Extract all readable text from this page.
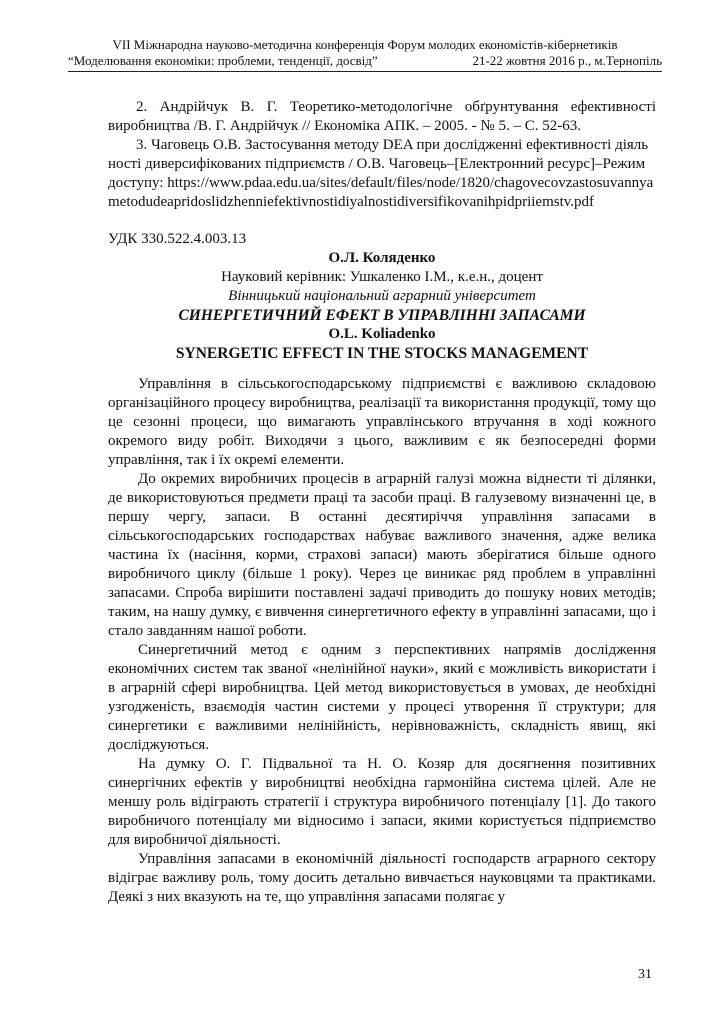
VII Міжнародна науково-методична конференція Форум молодих економістів-кібернетиків
“Моделювання економіки: проблеми, тенденції, досвід”	21-22 жовтня 2016 р., м.Тернопіль

2. Андрійчук В. Г. Теоретико-методологічне обґрунтування ефективності виробництва /В. Г. Андрійчук // Економіка АПК. – 2005. - № 5. – С. 52-63.

3. Чаговець О.В. Застосування методу DEA при дослідженні ефективності діяльності диверсифікованих підприємств / О.В. Чаговець–[Електронний ресурс]–Режим доступу: https://www.pdaa.edu.ua/sites/default/files/node/1820/chagovecovzastosuvannyametodudeapridoslidzhenniefektivnostidiyalnostidiversifikovanihpidpriiemstv.pdf

УДК 330.522.4.003.13

О.Л. Коляденко

Науковий керівник: Ушкаленко І.М., к.е.н., доцент

Вінницький національний аграрний університет

СИНЕРГЕТИЧНИЙ ЕФЕКТ В УПРАВЛІННІ ЗАПАСАМИ

O.L. Koliadenko

SYNERGETIC EFFECT IN THE STOCKS MANAGEMENT

Управління в сільськогосподарському підприємстві є важливою складовою організаційного процесу виробництва, реалізації та використання продукції, тому що це сезонні процеси, що вимагають управлінського втручання в ході кожного окремого виду робіт. Виходячи з цього, важливим є як безпосередні форми управління, так і їх окремі елементи.

До окремих виробничих процесів в аграрній галузі можна віднести ті ділянки, де використовуються предмети праці та засоби праці. В галузевому визначенні це, в першу чергу, запаси. В останні десятиріччя управління запасами в сільськогосподарських господарствах набуває важливого значення, адже велика частина їх (насіння, корми, страхові запаси) мають зберігатися більше одного виробничого циклу (більше 1 року). Через це виникає ряд проблем в управлінні запасами. Спроба вирішити поставлені задачі приводить до пошуку нових методів; таким, на нашу думку, є вивчення синергетичного ефекту в управлінні запасами, що і стало завданням нашої роботи.

Синергетичний метод є одним з перспективних напрямів дослідження економічних систем так званої «нелінійної науки», який є можливість використати і в аграрній сфері виробництва. Цей метод використовується в умовах, де необхідні узгодженість, взаємодія частин системи у процесі утворення її структури; для синергетики є важливими нелінійність, нерівноважність, складність явищ, які досліджуються.

На думку О. Г. Підвальної та Н. О. Козяр для досягнення позитивних синергічних ефектів у виробництві необхідна гармонійна система цілей. Але не меншу роль відіграють стратегії і структура виробничого потенціалу [1]. До такого виробничого потенціалу ми відносимо і запаси, якими користується підприємство для виробничої діяльності.

Управління запасами в економічній діяльності господарств аграрного сектору відіграє важливу роль, тому досить детально вивчається науковцями та практиками. Деякі з них вказують на те, що управління запасами полягає у

31
